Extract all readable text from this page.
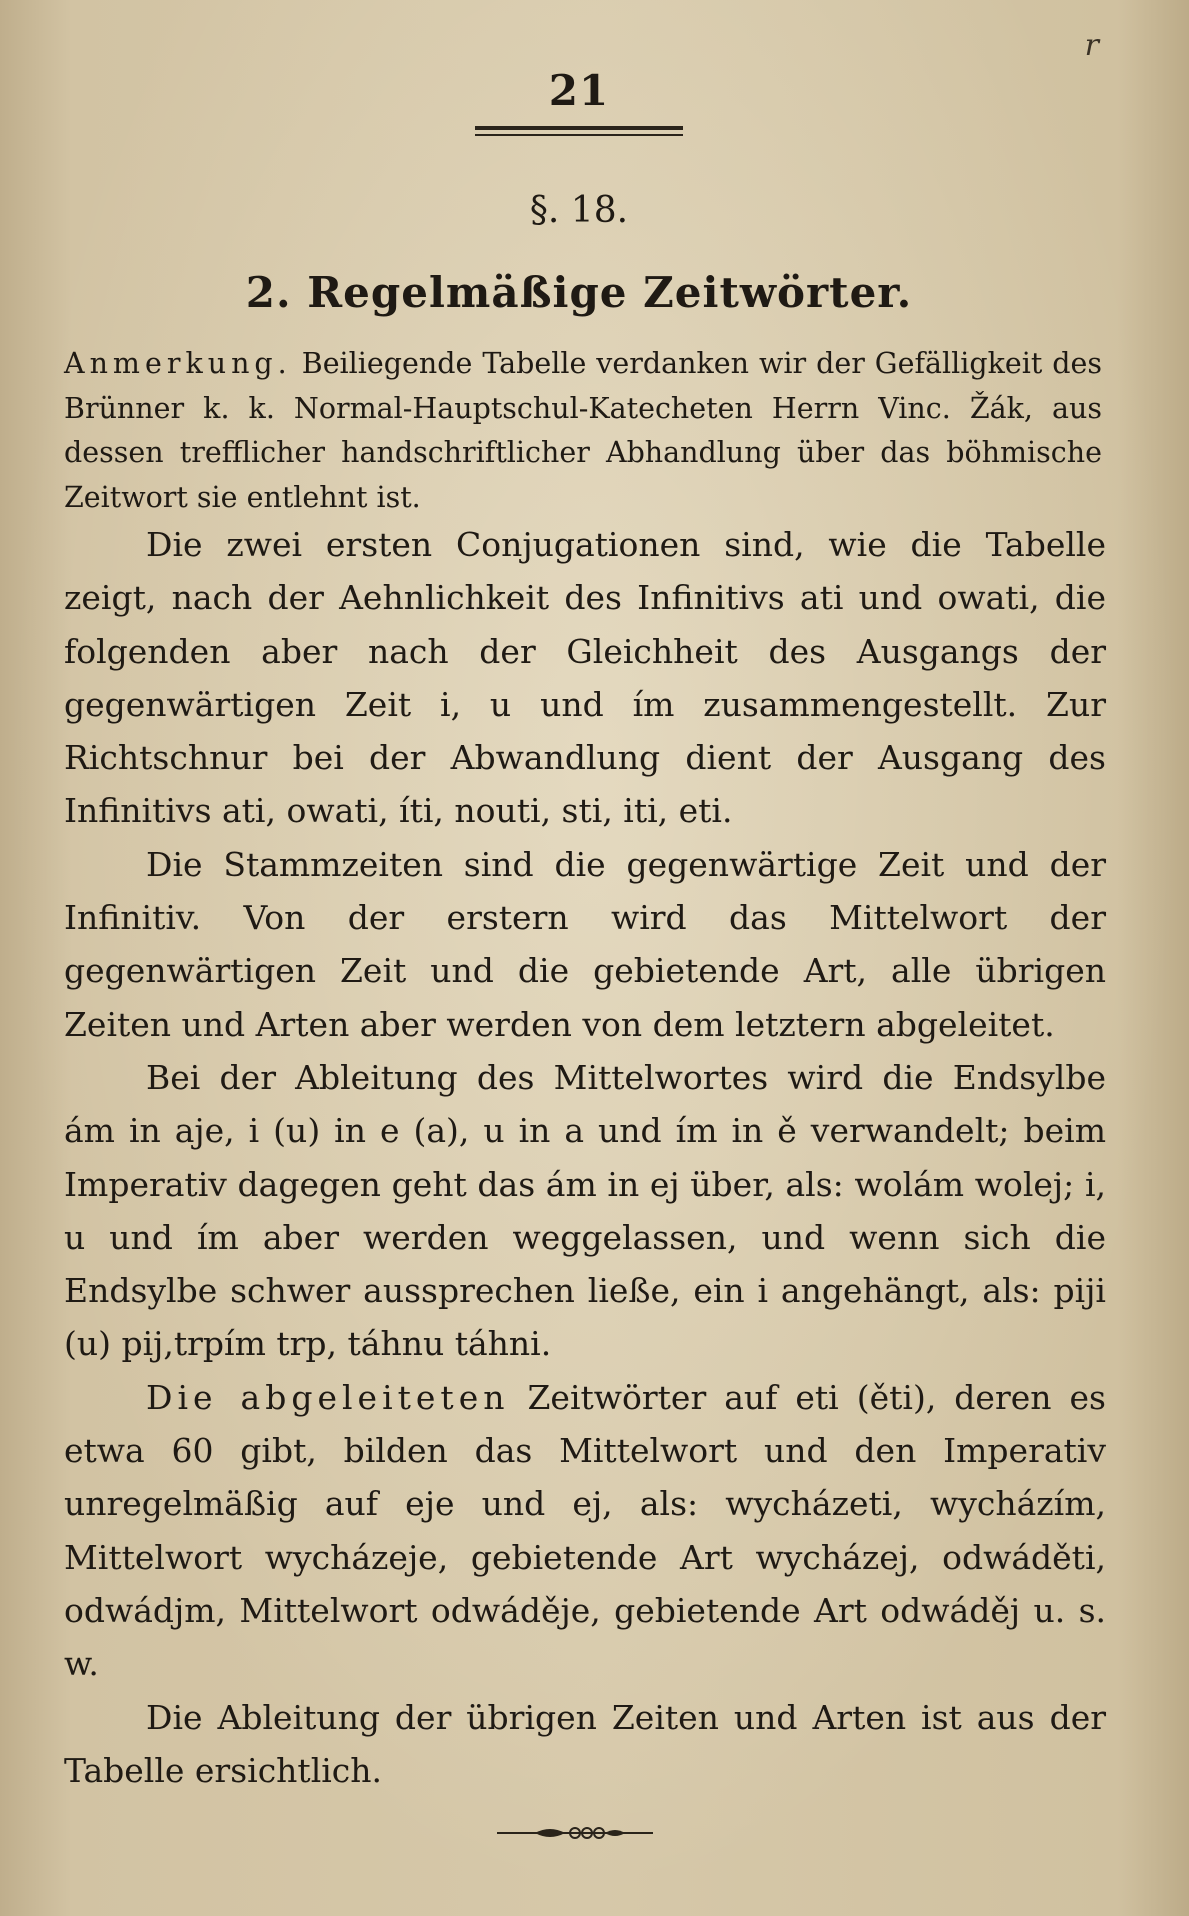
r
21
§. 18.
2. Regelmäßige Zeitwörter.
Anmerkung. Beiliegende Tabelle verdanken wir der Gefälligkeit des Brünner k. k. Normal-Hauptschul-Katecheten Herrn Vinc. Žák, aus dessen trefflicher handschriftlicher Abhandlung über das böhmische Zeitwort sie entlehnt ist.

Die zwei ersten Conjugationen sind, wie die Tabelle zeigt, nach der Aehnlichkeit des Infinitivs ati und owati, die folgenden aber nach der Gleichheit des Ausgangs der gegenwärtigen Zeit i, u und ím zusammengestellt. Zur Richtschnur bei der Abwandlung dient der Ausgang des Infinitivs ati, owati, íti, nouti, sti, iti, eti.

Die Stammzeiten sind die gegenwärtige Zeit und der Infinitiv. Von der erstern wird das Mittelwort der gegenwärtigen Zeit und die gebietende Art, alle übrigen Zeiten und Arten aber werden von dem letztern abgeleitet.

Bei der Ableitung des Mittelwortes wird die Endsylbe ám in aje, i (u) in e (a), u in a und ím in ě verwandelt; beim Imperativ dagegen geht das ám in ej über, als: wolám wolej; i, u und ím aber werden weggelassen, und wenn sich die Endsylbe schwer aussprechen ließe, ein i angehängt, als: piji (u) pij,trpím trp, táhnu táhni.

Die abgeleiteten Zeitwörter auf eti (ěti), deren es etwa 60 gibt, bilden das Mittelwort und den Imperativ unregelmäßig auf eje und ej, als: wycházeti, wycházím, Mittelwort wycházeje, gebietende Art wycházej, odwáděti, odwádjm, Mittelwort odwáděje, gebietende Art odwáděj u. s. w.

Die Ableitung der übrigen Zeiten und Arten ist aus der Tabelle ersichtlich.
